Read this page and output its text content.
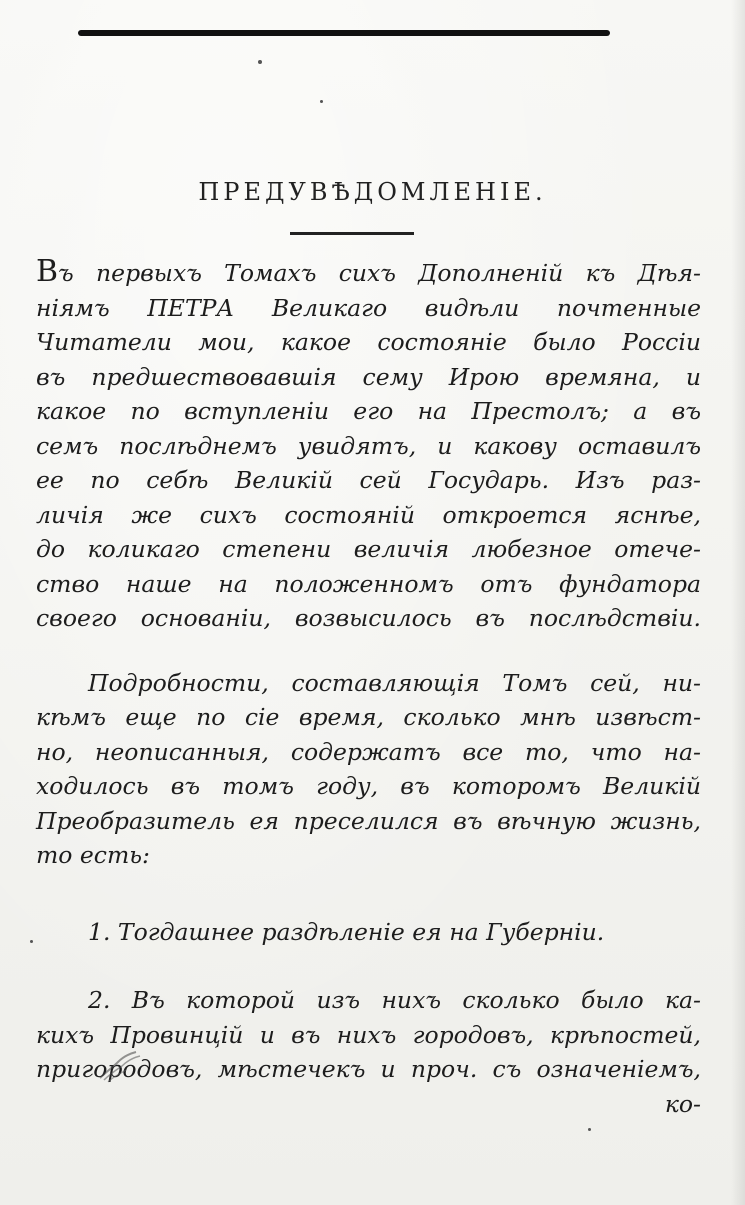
ПРЕДУВѢДОМЛЕНІЕ.
Въ первыхъ Томахъ сихъ Дополненій къ Дѣя-
ніямъ ПЕТРА Великаго видѣли почтенные
Читатели мои, какое состояніе было Россіи
въ предшествовавшія сему Ирою времяна, и
какое по вступленіи его на Престолъ; а въ
семъ послѣднемъ увидятъ, и какову оставилъ
ее по себѣ Великій сей Государь. Изъ раз-
личія же сихъ состояній откроется яснѣе,
до коликаго степени величія любезное отече-
ство наше на положенномъ отъ фундатора
своего основаніи, возвысилось въ послѣдствіи.
Подробности, составляющія Томъ сей, ни-
кѣмъ еще по сіе время, сколько мнѣ извѣст-
но, неописанныя, содержатъ все то, что на-
ходилось въ томъ году, въ которомъ Великій
Преобразитель ея преселился въ вѣчную жизнь,
то есть:
1. Тогдашнее раздѣленіе ея на Губерніи.
2. Въ которой изъ нихъ сколько было ка-
кихъ Провинцій и въ нихъ городовъ, крѣпостей,
пригородовъ, мѣстечекъ и проч. съ означеніемъ,
ко-
